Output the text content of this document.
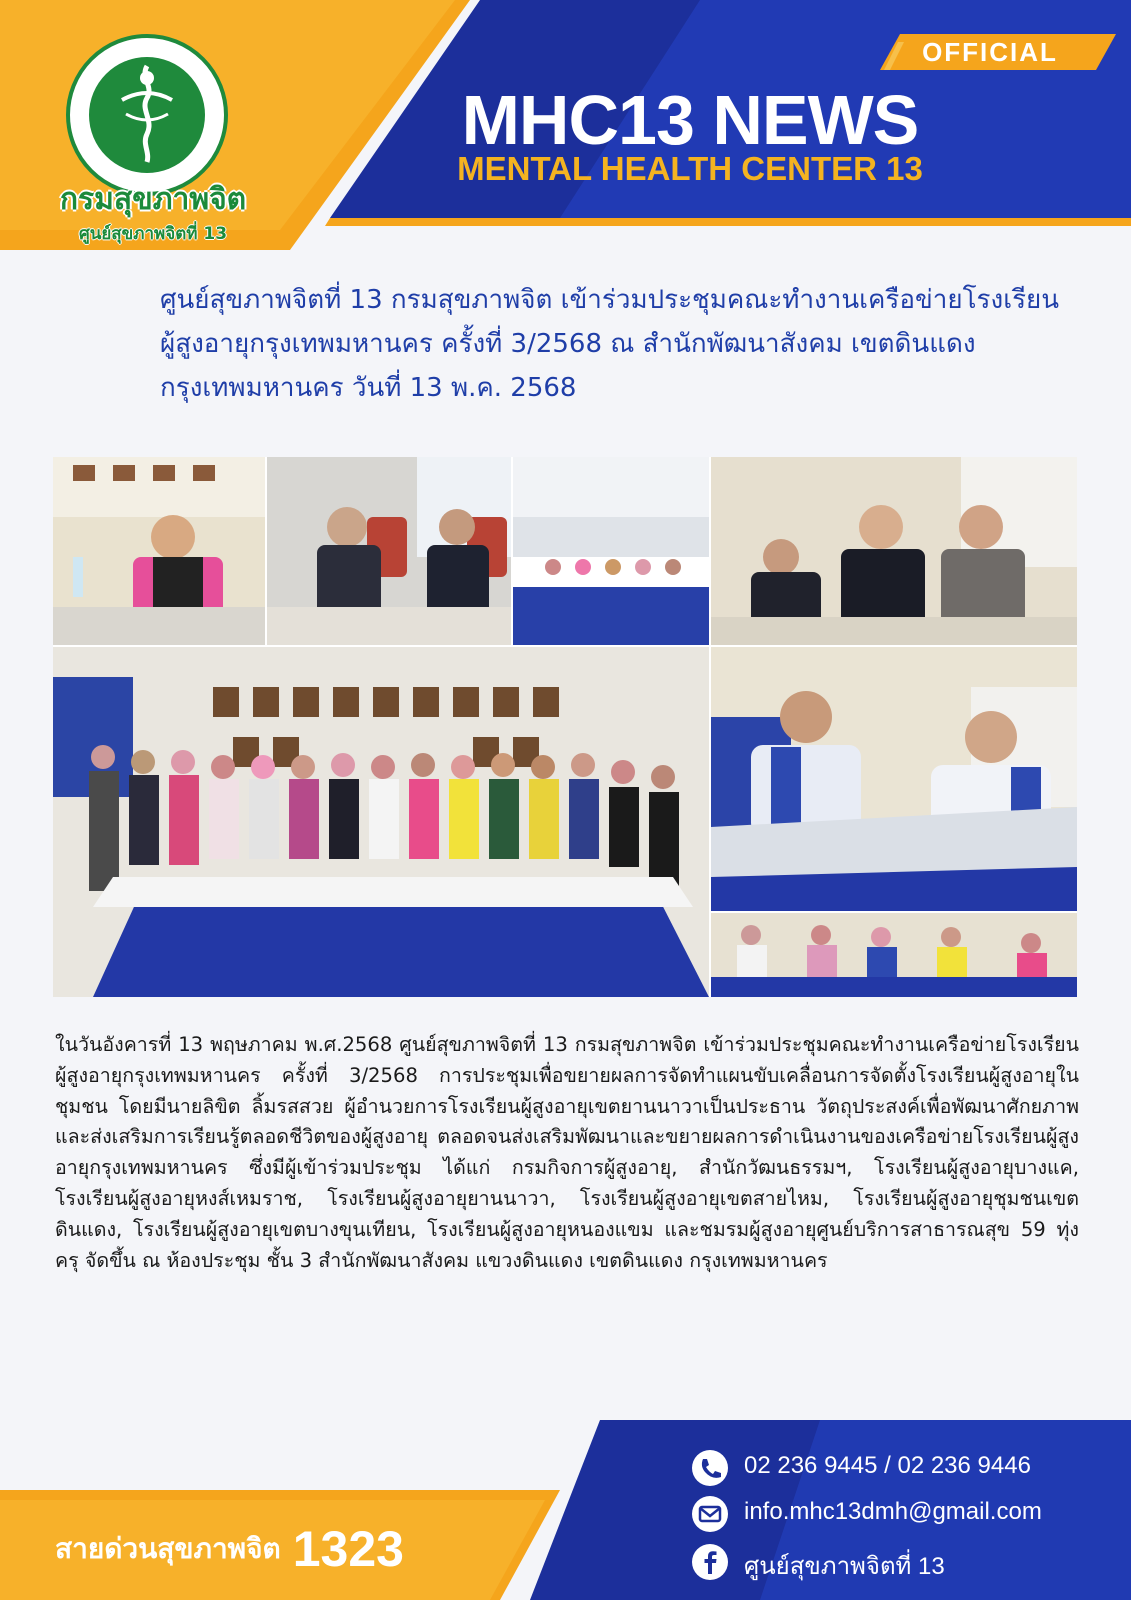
กรมสุขภาพจิต
ศูนย์สุขภาพจิตที่ 13
OFFICIAL
MHC13 NEWS
MENTAL HEALTH CENTER 13
ศูนย์สุขภาพจิตที่ 13 กรมสุขภาพจิต เข้าร่วมประชุมคณะทำงานเครือข่ายโรงเรียน
ผู้สูงอายุกรุงเทพมหานคร ครั้งที่ 3/2568 ณ สำนักพัฒนาสังคม เขตดินแดง
กรุงเทพมหานคร วันที่ 13 พ.ค. 2568
ในวันอังคารที่ 13 พฤษภาคม พ.ศ.2568 ศูนย์สุขภาพจิตที่ 13 กรมสุขภาพจิต เข้าร่วมประชุมคณะทำงานเครือข่ายโรงเรียนผู้สูงอายุกรุงเทพมหานคร ครั้งที่ 3/2568 การประชุมเพื่อขยายผลการจัดทำแผนขับเคลื่อนการจัดตั้งโรงเรียนผู้สูงอายุในชุมชน โดยมีนายลิขิต ลิ้มรสสวย ผู้อำนวยการโรงเรียนผู้สูงอายุเขตยานนาวาเป็นประธาน วัตถุประสงค์เพื่อพัฒนาศักยภาพและส่งเสริมการเรียนรู้ตลอดชีวิตของผู้สูงอายุ ตลอดจนส่งเสริมพัฒนาและขยายผลการดำเนินงานของเครือข่ายโรงเรียนผู้สูงอายุกรุงเทพมหานคร ซึ่งมีผู้เข้าร่วมประชุม ได้แก่ กรมกิจการผู้สูงอายุ, สำนักวัฒนธรรมฯ, โรงเรียนผู้สูงอายุบางแค, โรงเรียนผู้สูงอายุหงส์เหมราช, โรงเรียนผู้สูงอายุยานนาวา, โรงเรียนผู้สูงอายุเขตสายไหม, โรงเรียนผู้สูงอายุชุมชนเขตดินแดง, โรงเรียนผู้สูงอายุเขตบางขุนเทียน, โรงเรียนผู้สูงอายุหนองแขม และชมรมผู้สูงอายุศูนย์บริการสาธารณสุข 59 ทุ่งครุ จัดขึ้น ณ ห้องประชุม ชั้น 3 สำนักพัฒนาสังคม แขวงดินแดง เขตดินแดง กรุงเทพมหานคร
สายด่วนสุขภาพจิต 1323
02 236 9445 / 02 236 9446
info.mhc13dmh@gmail.com
ศูนย์สุขภาพจิตที่ 13
